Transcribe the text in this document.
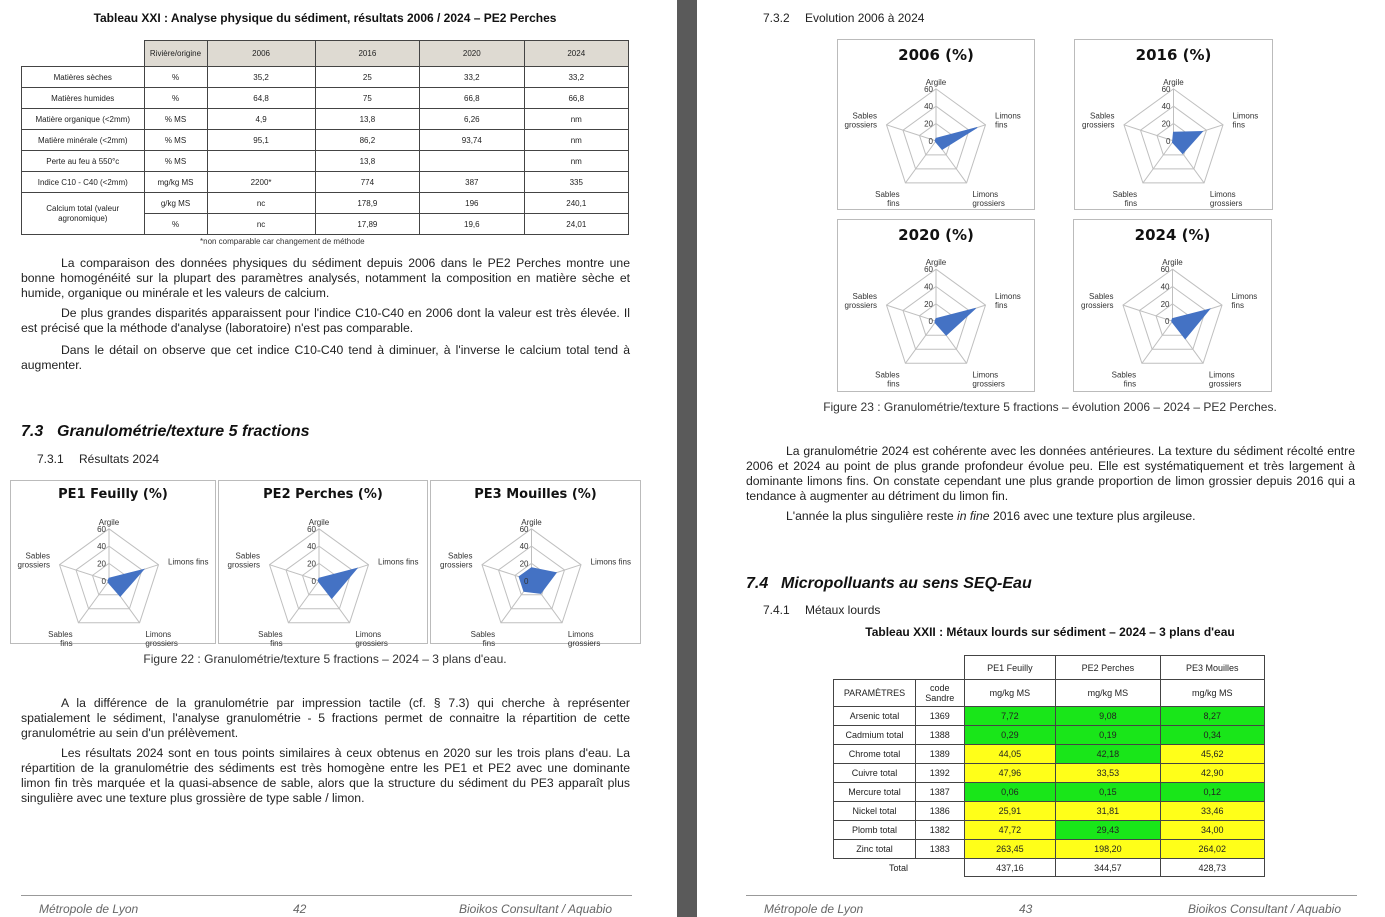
Tableau XXI : Analyse physique du sédiment, résultats 2006 / 2024 – PE2 Perches
	Rivière/origine	2006	2016	2020	2024
Matières sèches	%	35,2	25	33,2	33,2
Matières humides	%	64,8	75	66,8	66,8
Matière organique (<2mm)	% MS	4,9	13,8	6,26	nm
Matière minérale (<2mm)	% MS	95,1	86,2	93,74	nm
Perte au feu à 550°c	% MS		13,8		nm
Indice C10 - C40 (<2mm)	mg/kg MS	2200*	774	387	335
Calcium total (valeur agronomique)	g/kg MS	nc	178,9	196	240,1
	%	nc	17,89	19,6	24,01
*non comparable car changement de méthode

La comparaison des données physiques du sédiment depuis 2006 dans le PE2 Perches montre une bonne homogénéité sur la plupart des paramètres analysés, notamment la composition en matière sèche et humide, organique ou minérale et les valeurs de calcium.

De plus grandes disparités apparaissent pour l'indice C10-C40 en 2006 dont la valeur est très élevée. Il est précisé que la méthode d'analyse (laboratoire) n'est pas comparable.

Dans le détail on observe que cet indice C10-C40 tend à diminuer, à l'inverse le calcium total tend à augmenter.

7.3 Granulométrie/texture 5 fractions
7.3.1 Résultats 2024
PE1 Feuilly (%)
0
20
40
60
Argile
Limons fins
Limons grossiers
Sables fins
Sables grossiers
PE2 Perches (%)
0
20
40
60
Argile
Limons fins
Limons grossiers
Sables fins
Sables grossiers
PE3 Mouilles (%)
0
20
40
60
Argile
Limons fins
Limons grossiers
Sables fins
Sables grossiers
Figure 22 : Granulométrie/texture 5 fractions – 2024 – 3 plans d'eau.

A la différence de la granulométrie par impression tactile (cf. § 7.3) qui cherche à représenter spatialement le sédiment, l'analyse granulométrie - 5 fractions permet de connaitre la répartition de cette granulométrie au sein d'un prélèvement.

Les résultats 2024 sont en tous points similaires à ceux obtenus en 2020 sur les trois plans d'eau. La répartition de la granulométrie des sédiments est très homogène entre les PE1 et PE2 avec une dominante limon fin très marquée et la quasi-absence de sable, alors que la structure du sédiment du PE3 apparaît plus singulière avec une texture plus grossière de type sable / limon.

Métropole de Lyon	42	Bioikos Consultant / Aquabio
7.3.2 Evolution 2006 à 2024
2006 (%)
0
20
40
60
Argile
Limons fins
Limons grossiers
Sables fins
Sables grossiers
2016 (%)
0
20
40
60
Argile
Limons fins
Limons grossiers
Sables fins
Sables grossiers
2020 (%)
0
20
40
60
Argile
Limons fins
Limons grossiers
Sables fins
Sables grossiers
2024 (%)
0
20
40
60
Argile
Limons fins
Limons grossiers
Sables fins
Sables grossiers
Figure 23 : Granulométrie/texture 5 fractions – évolution 2006 – 2024 – PE2 Perches.

La granulométrie 2024 est cohérente avec les données antérieures. La texture du sédiment récolté entre 2006 et 2024 au point de plus grande profondeur évolue peu. Elle est systématiquement et très largement à dominante limons fins. On constate cependant une plus grande proportion de limon grossier depuis 2016 qui a tendance à augmenter au détriment du limon fin.

L'année la plus singulière reste in fine 2016 avec une texture plus argileuse.

7.4 Micropolluants au sens SEQ-Eau
7.4.1 Métaux lourds
Tableau XXII : Métaux lourds sur sédiment – 2024 – 3 plans d'eau
		PE1 Feuilly	PE2 Perches	PE3 Mouilles
PARAMÈTRES	code Sandre	mg/kg MS	mg/kg MS	mg/kg MS
Arsenic total	1369	7,72	9,08	8,27
Cadmium total	1388	0,29	0,19	0,34
Chrome total	1389	44,05	42,18	45,62
Cuivre total	1392	47,96	33,53	42,90
Mercure total	1387	0,06	0,15	0,12
Nickel total	1386	25,91	31,81	33,46
Plomb total	1382	47,72	29,43	34,00
Zinc total	1383	263,45	198,20	264,02
Total		437,16	344,57	428,73
Métropole de Lyon	43	Bioikos Consultant / Aquabio
